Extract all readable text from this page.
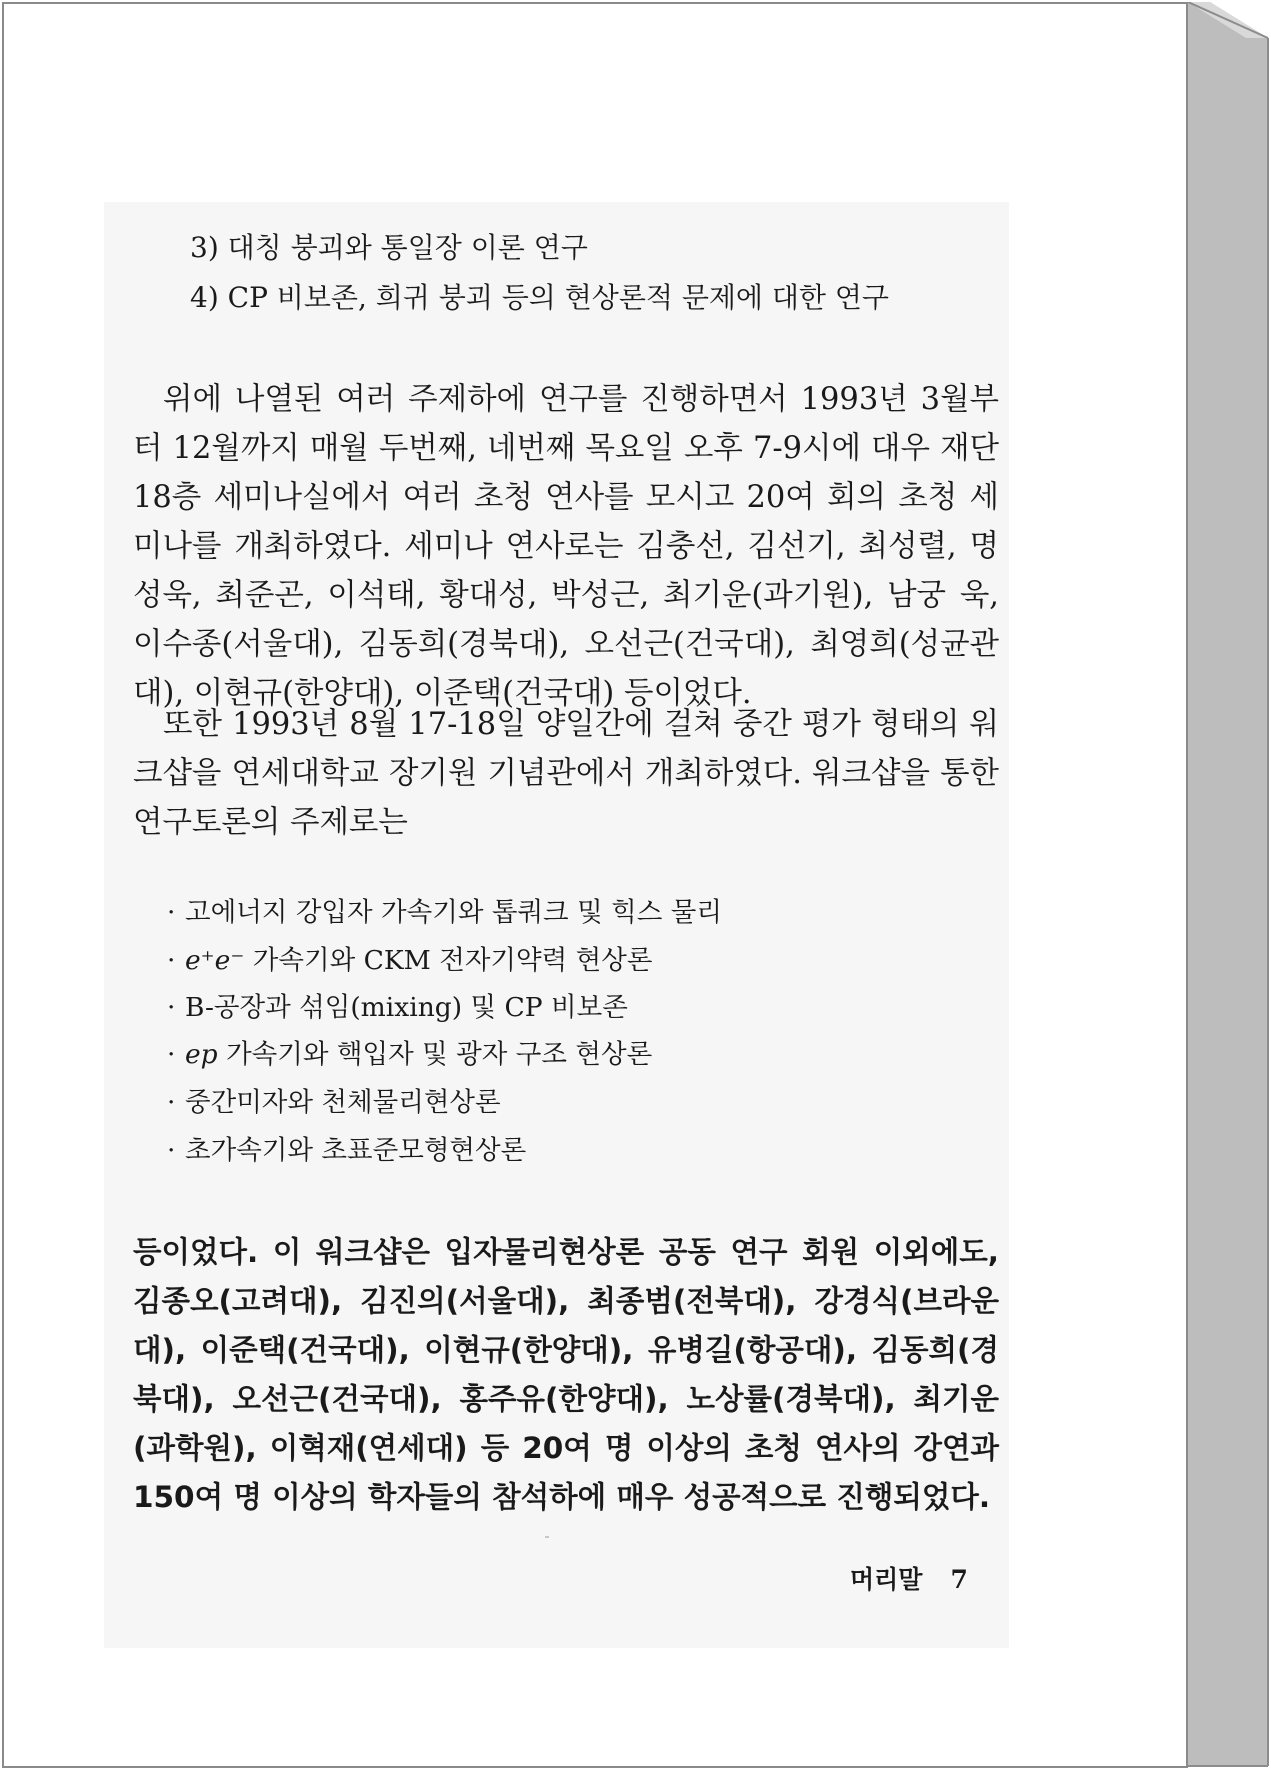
3) 대칭 붕괴와 통일장 이론 연구
4) CP 비보존, 희귀 붕괴 등의 현상론적 문제에 대한 연구
위에 나열된 여러 주제하에 연구를 진행하면서 1993년 3월부터 12월까지 매월 두번째, 네번째 목요일 오후 7-9시에 대우 재단 18층 세미나실에서 여러 초청 연사를 모시고 20여 회의 초청 세미나를 개최하였다. 세미나 연사로는 김충선, 김선기, 최성렬, 명성욱, 최준곤, 이석태, 황대성, 박성근, 최기운(과기원), 남궁 욱, 이수종(서울대), 김동희(경북대), 오선근(건국대), 최영희(성균관대), 이현규(한양대), 이준택(건국대) 등이었다.
또한 1993년 8월 17-18일 양일간에 걸쳐 중간 평가 형태의 워크샵을 연세대학교 장기원 기념관에서 개최하였다. 워크샵을 통한 연구토론의 주제로는
· 고에너지 강입자 가속기와 톱쿼크 및 힉스 물리
· e⁺e⁻ 가속기와 CKM 전자기약력 현상론
· B-공장과 섞임(mixing) 및 CP 비보존
· ep 가속기와 핵입자 및 광자 구조 현상론
· 중간미자와 천체물리현상론
· 초가속기와 초표준모형현상론
등이었다. 이 워크샵은 입자물리현상론 공동 연구 회원 이외에도, 김종오(고려대), 김진의(서울대), 최종범(전북대), 강경식(브라운대), 이준택(건국대), 이현규(한양대), 유병길(항공대), 김동희(경북대), 오선근(건국대), 홍주유(한양대), 노상률(경북대), 최기운(과학원), 이혁재(연세대) 등 20여 명 이상의 초청 연사의 강연과 150여 명 이상의 학자들의 참석하에 매우 성공적으로 진행되었다.
머리말 7
